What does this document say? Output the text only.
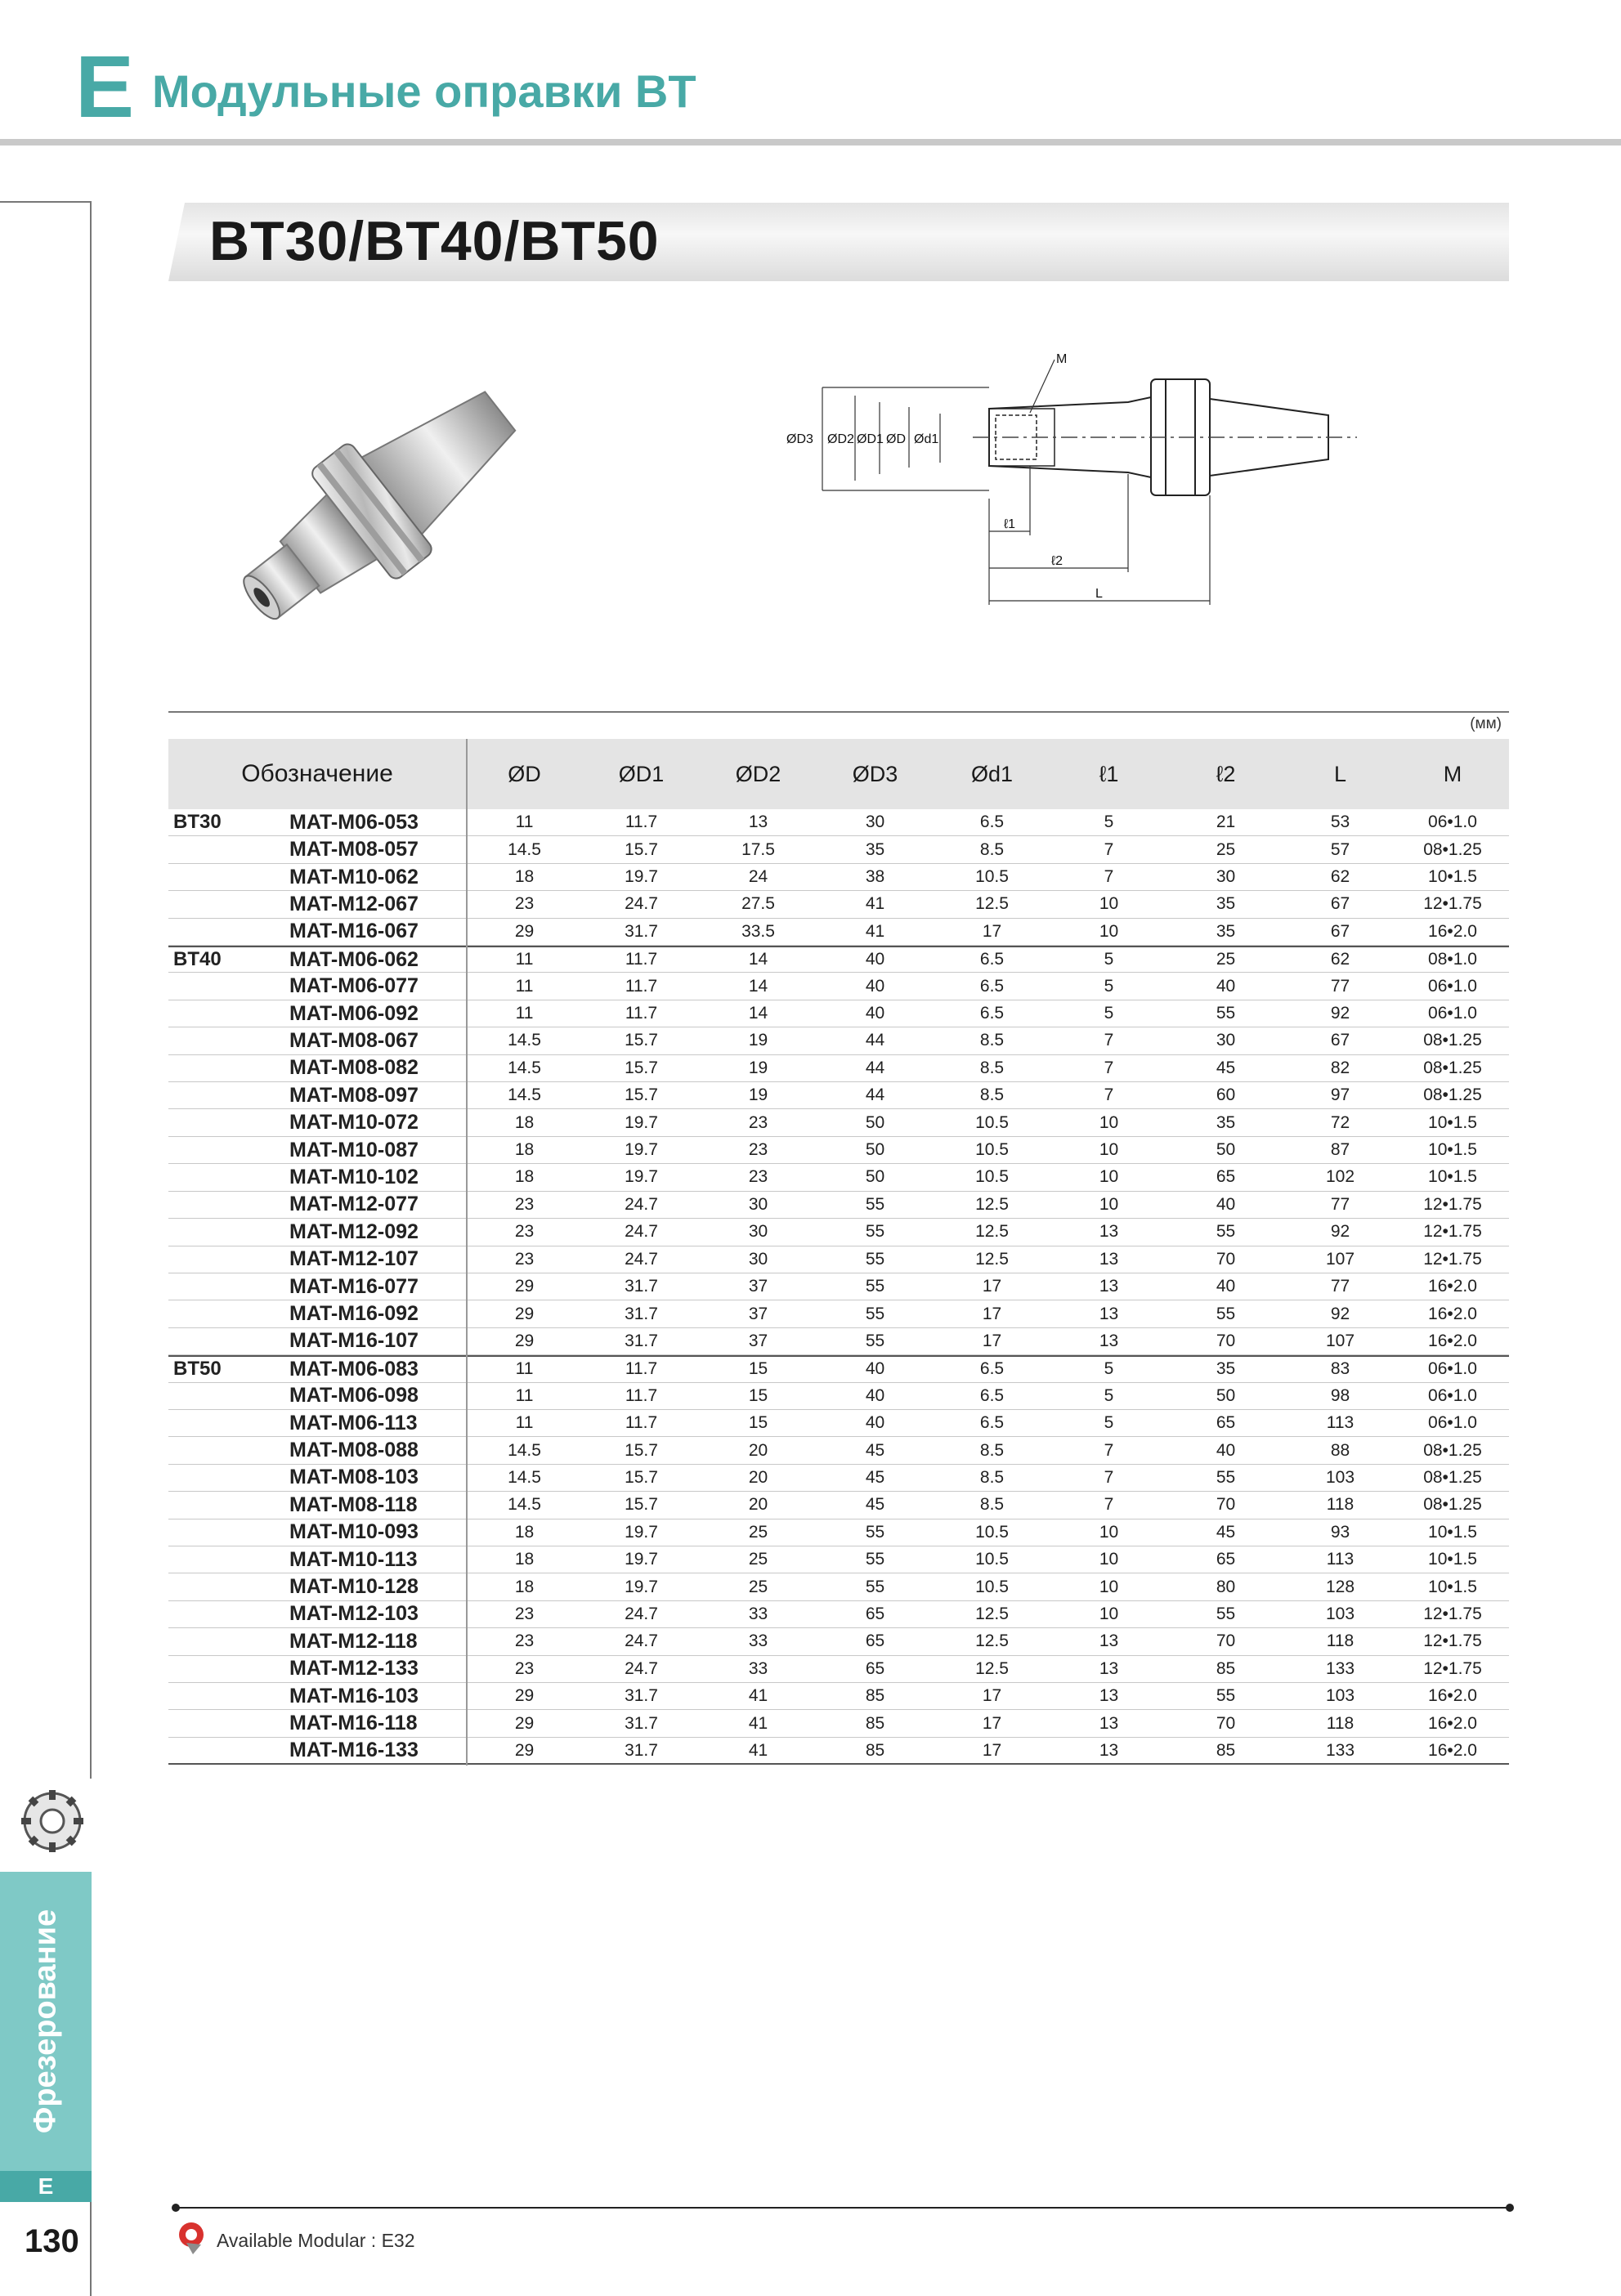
E Модульные оправки BT
Фрезерование
E
BT30/BT40/BT50
ØD3 ØD2 ØD1 ØD Ød1
M
ℓ1
ℓ2
L
(мм)
Обозначение	ØD	ØD1	ØD2	ØD3	Ød1	ℓ1	ℓ2	L	M
BT30	MAT-M06-053	11	11.7	13	30	6.5	5	21	53	06•1.0
MAT-M08-057	14.5	15.7	17.5	35	8.5	7	25	57	08•1.25
MAT-M10-062	18	19.7	24	38	10.5	7	30	62	10•1.5
MAT-M12-067	23	24.7	27.5	41	12.5	10	35	67	12•1.75
MAT-M16-067	29	31.7	33.5	41	17	10	35	67	16•2.0
BT40	MAT-M06-062	11	11.7	14	40	6.5	5	25	62	08•1.0
MAT-M06-077	11	11.7	14	40	6.5	5	40	77	06•1.0
MAT-M06-092	11	11.7	14	40	6.5	5	55	92	06•1.0
MAT-M08-067	14.5	15.7	19	44	8.5	7	30	67	08•1.25
MAT-M08-082	14.5	15.7	19	44	8.5	7	45	82	08•1.25
MAT-M08-097	14.5	15.7	19	44	8.5	7	60	97	08•1.25
MAT-M10-072	18	19.7	23	50	10.5	10	35	72	10•1.5
MAT-M10-087	18	19.7	23	50	10.5	10	50	87	10•1.5
MAT-M10-102	18	19.7	23	50	10.5	10	65	102	10•1.5
MAT-M12-077	23	24.7	30	55	12.5	10	40	77	12•1.75
MAT-M12-092	23	24.7	30	55	12.5	13	55	92	12•1.75
MAT-M12-107	23	24.7	30	55	12.5	13	70	107	12•1.75
MAT-M16-077	29	31.7	37	55	17	13	40	77	16•2.0
MAT-M16-092	29	31.7	37	55	17	13	55	92	16•2.0
MAT-M16-107	29	31.7	37	55	17	13	70	107	16•2.0
BT50	MAT-M06-083	11	11.7	15	40	6.5	5	35	83	06•1.0
MAT-M06-098	11	11.7	15	40	6.5	5	50	98	06•1.0
MAT-M06-113	11	11.7	15	40	6.5	5	65	113	06•1.0
MAT-M08-088	14.5	15.7	20	45	8.5	7	40	88	08•1.25
MAT-M08-103	14.5	15.7	20	45	8.5	7	55	103	08•1.25
MAT-M08-118	14.5	15.7	20	45	8.5	7	70	118	08•1.25
MAT-M10-093	18	19.7	25	55	10.5	10	45	93	10•1.5
MAT-M10-113	18	19.7	25	55	10.5	10	65	113	10•1.5
MAT-M10-128	18	19.7	25	55	10.5	10	80	128	10•1.5
MAT-M12-103	23	24.7	33	65	12.5	10	55	103	12•1.75
MAT-M12-118	23	24.7	33	65	12.5	13	70	118	12•1.75
MAT-M12-133	23	24.7	33	65	12.5	13	85	133	12•1.75
MAT-M16-103	29	31.7	41	85	17	13	55	103	16•2.0
MAT-M16-118	29	31.7	41	85	17	13	70	118	16•2.0
MAT-M16-133	29	31.7	41	85	17	13	85	133	16•2.0
130	Available Modular : E32
